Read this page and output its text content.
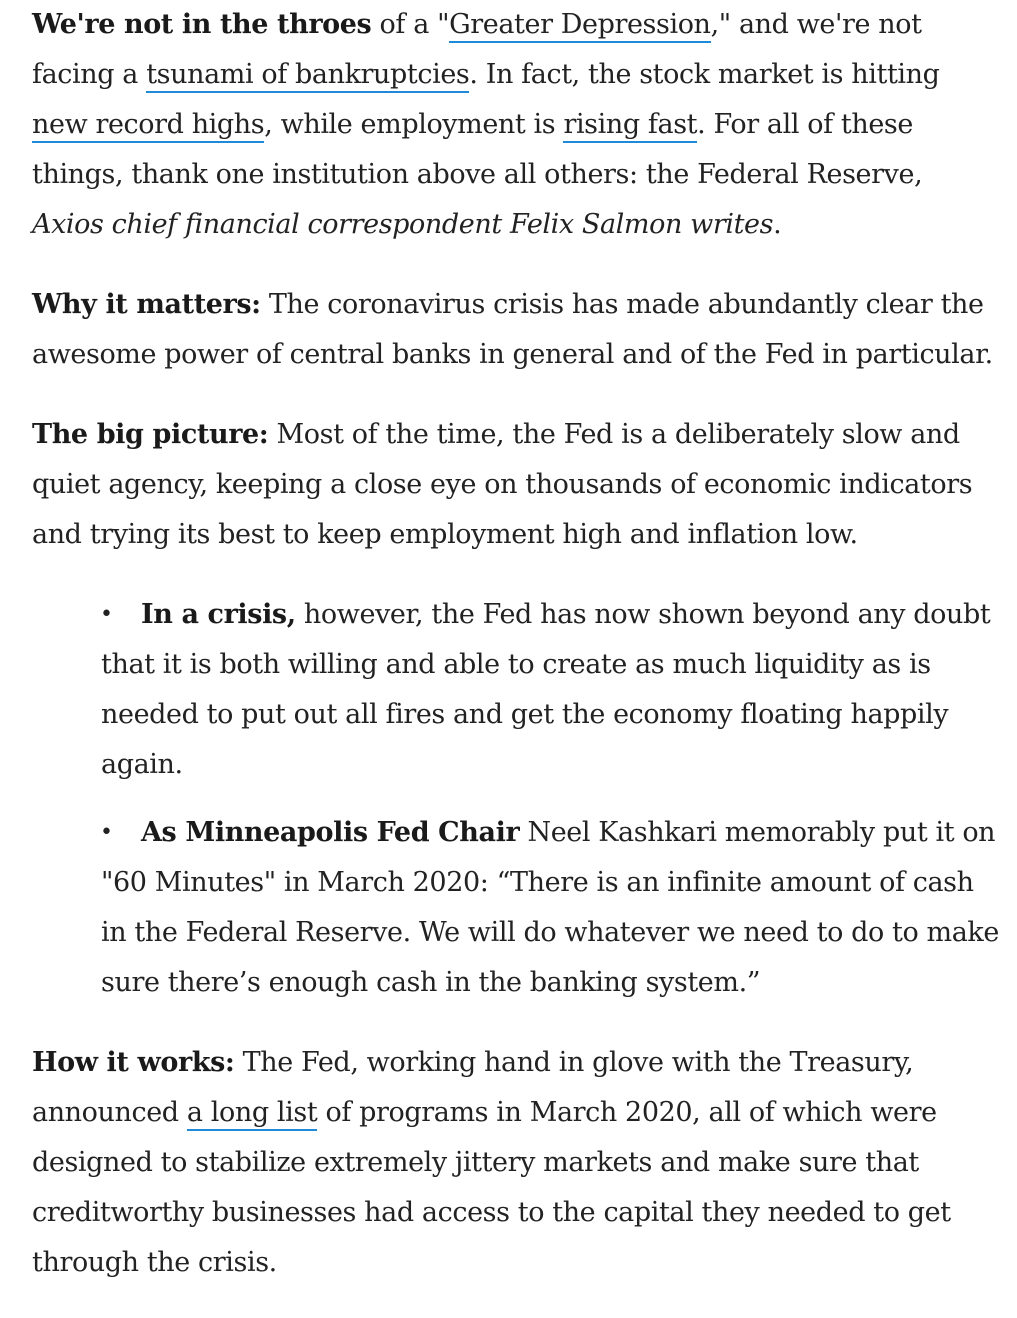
We're not in the throes of a "Greater Depression," and we're not facing a tsunami of bankruptcies. In fact, the stock market is hitting new record highs, while employment is rising fast. For all of these things, thank one institution above all others: the Federal Reserve, Axios chief financial correspondent Felix Salmon writes.

Why it matters: The coronavirus crisis has made abundantly clear the awesome power of central banks in general and of the Fed in particular.

The big picture: Most of the time, the Fed is a deliberately slow and quiet agency, keeping a close eye on thousands of economic indicators and trying its best to keep employment high and inflation low.

•	In a crisis, however, the Fed has now shown beyond any doubt that it is both willing and able to create as much liquidity as is needed to put out all fires and get the economy floating happily again.
•	As Minneapolis Fed Chair Neel Kashkari memorably put it on "60 Minutes" in March 2020: “There is an infinite amount of cash in the Federal Reserve. We will do whatever we need to do to make sure there’s enough cash in the banking system.”

How it works: The Fed, working hand in glove with the Treasury, announced a long list of programs in March 2020, all of which were designed to stabilize extremely jittery markets and make sure that creditworthy businesses had access to the capital they needed to get through the crisis.
